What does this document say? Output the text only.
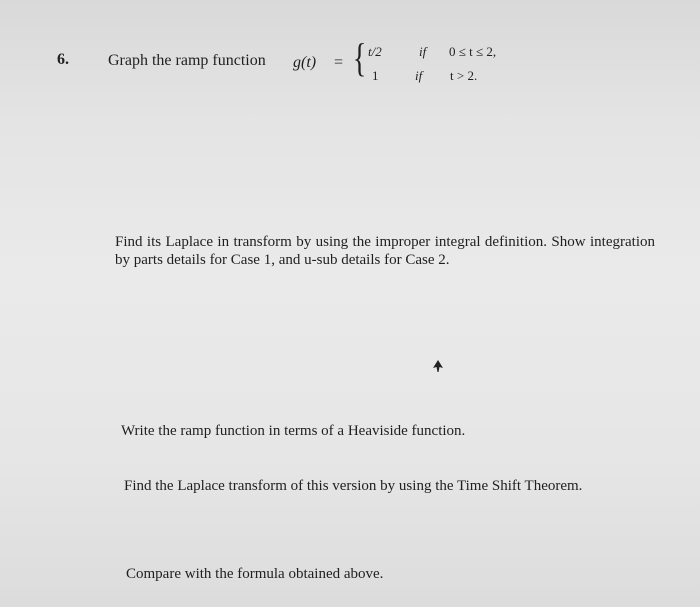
6. Graph the ramp function g(t) = { t/2	if 0 ≤ t ≤ 2,
1	if t > 2.
Find its Laplace in transform by using the improper integral definition. Show integration by parts details for Case 1, and u-sub details for Case 2.
Write the ramp function in terms of a Heaviside function.
Find the Laplace transform of this version by using the Time Shift Theorem.
Compare with the formula obtained above.
